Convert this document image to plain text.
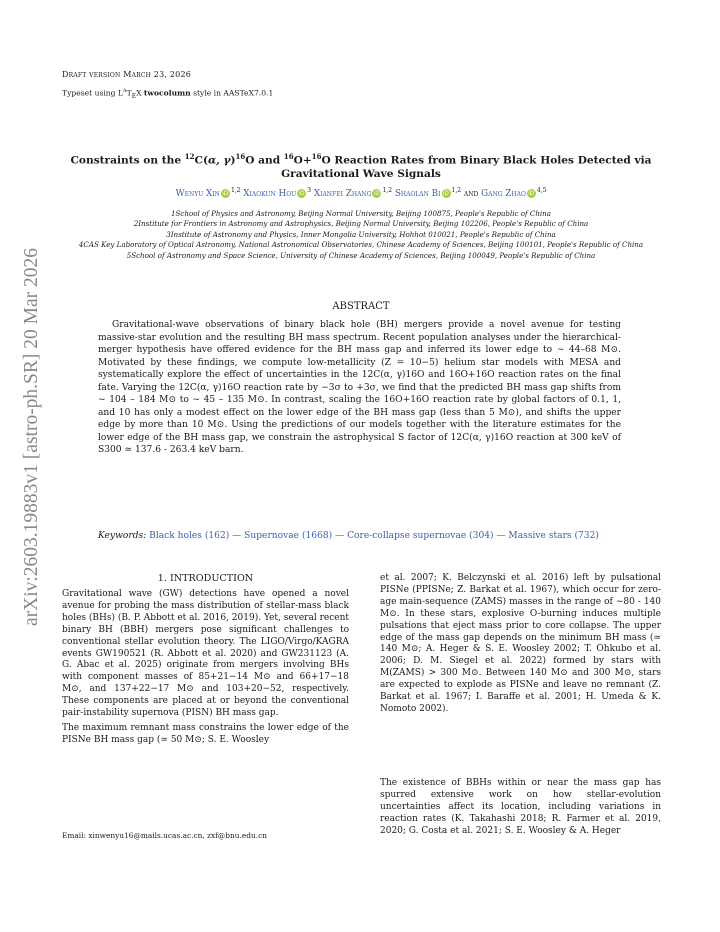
arXiv:2603.19883v1 [astro-ph.SR] 20 Mar 2026
Draft version March 23, 2026
Typeset using $L^AT_EX$ twocolumn style in AASTeX7.0.1
Constraints on the $^{12}$C(α, γ)$^{16}$O and $^{16}$O+$^{16}$O Reaction Rates from Binary Black Holes Detected via
Gravitational Wave Signals
Wenyu Xin iD $^{1,2}$ Xiaokun Hou iD $^3$ Xianfei Zhang iD $^{1,2}$ Shaolan Bi iD $^{1,2}$ and Gang Zhao iD $^{4,5}$
1School of Physics and Astronomy, Beijing Normal University, Beijing 100875, People's Republic of China
2Institute for Frontiers in Astronomy and Astrophysics, Beijing Normal University, Beijing 102206, People's Republic of China
3Institute of Astronomy and Physics, Inner Mongolia University, Hohhot 010021, People's Republic of China
4CAS Key Laboratory of Optical Astronomy, National Astronomical Observatories, Chinese Academy of Sciences, Beijing 100101, People's Republic of China
5School of Astronomy and Space Science, University of Chinese Academy of Sciences, Beijing 100049, People's Republic of China
ABSTRACT
Gravitational-wave observations of binary black hole (BH) mergers provide a novel avenue for testing massive-star evolution and the resulting BH mass spectrum. Recent population analyses under the hierarchical-merger hypothesis have offered evidence for the BH mass gap and inferred its lower edge to ∼ 44–68 M⊙. Motivated by these findings, we compute low-metallicity (Z = 10−5) helium star models with MESA and systematically explore the effect of uncertainties in the 12C(α, γ)16O and 16O+16O reaction rates on the final fate. Varying the 12C(α, γ)16O reaction rate by −3σ to +3σ, we find that the predicted BH mass gap shifts from ∼ 104 – 184 M⊙ to ∼ 45 – 135 M⊙. In contrast, scaling the 16O+16O reaction rate by global factors of 0.1, 1, and 10 has only a modest effect on the lower edge of the BH mass gap (less than 5 M⊙), and shifts the upper edge by more than 10 M⊙. Using the predictions of our models together with the literature estimates for the lower edge of the BH mass gap, we constrain the astrophysical S factor of 12C(α, γ)16O reaction at 300 keV of S300 ≃ 137.6 - 263.4 keV barn.
Keywords: Black holes (162) — Supernovae (1668) — Core-collapse supernovae (304) — Massive stars (732)
1. INTRODUCTION
Gravitational wave (GW) detections have opened a novel avenue for probing the mass distribution of stellar-mass black holes (BHs) (B. P. Abbott et al. 2016, 2019). Yet, several recent binary BH (BBH) mergers pose significant challenges to conventional stellar evolution theory. The LIGO/Virgo/KAGRA events GW190521 (R. Abbott et al. 2020) and GW231123 (A. G. Abac et al. 2025) originate from mergers involving BHs with component masses of 85+21−14 M⊙ and 66+17−18 M⊙, and 137+22−17 M⊙ and 103+20−52, respectively. These components are placed at or beyond the conventional pair-instability supernova (PISN) BH mass gap.
The maximum remnant mass constrains the lower edge of the PISNe BH mass gap (≃ 50 M⊙; S. E. Woosley
Email: xinwenyu16@mails.ucas.ac.cn, zxf@bnu.edu.cn
et al. 2007; K. Belczynski et al. 2016) left by pulsational PISNe (PPISNe; Z. Barkat et al. 1967), which occur for zero-age main-sequence (ZAMS) masses in the range of ∼80 - 140 M⊙. In these stars, explosive O-burning induces multiple pulsations that eject mass prior to core collapse. The upper edge of the mass gap depends on the minimum BH mass (≃ 140 M⊙; A. Heger & S. E. Woosley 2002; T. Ohkubo et al. 2006; D. M. Siegel et al. 2022) formed by stars with M(ZAMS) > 300 M⊙. Between 140 M⊙ and 300 M⊙, stars are expected to explode as PISNe and leave no remnant (Z. Barkat et al. 1967; I. Baraffe et al. 2001; H. Umeda & K. Nomoto 2002).
The existence of BBHs within or near the mass gap has spurred extensive work on how stellar-evolution uncertainties affect its location, including variations in reaction rates (K. Takahashi 2018; R. Farmer et al. 2019, 2020; G. Costa et al. 2021; S. E. Woosley & A. Heger
